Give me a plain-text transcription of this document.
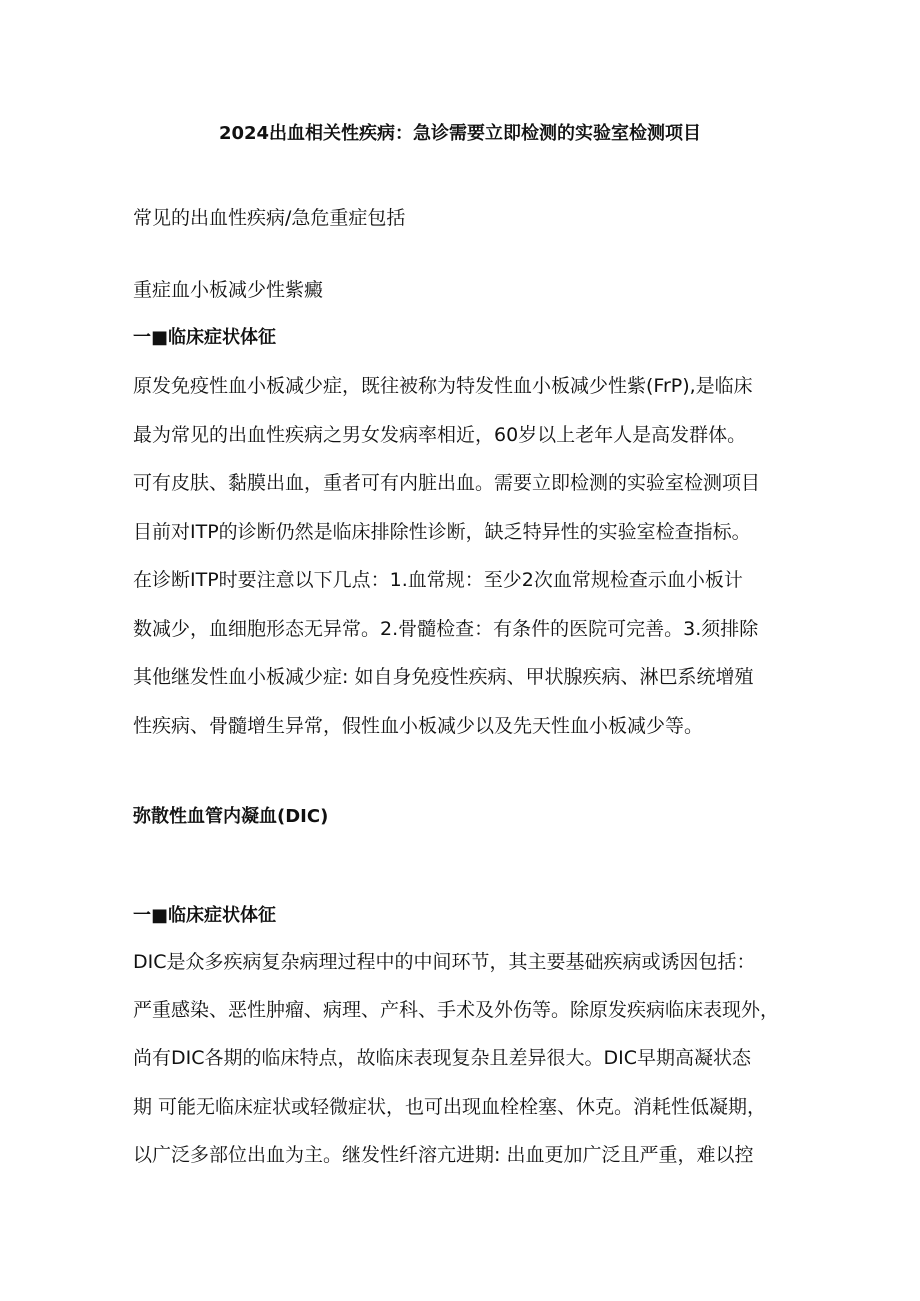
2024出血相关性疾病：急诊需要立即检测的实验室检测项目
常见的出血性疾病/急危重症包括
重症血小板减少性紫癜
一■临床症状体征
原发免疫性血小板减少症，既往被称为特发性血小板减少性紫(FrP),是临床
最为常见的出血性疾病之男女发病率相近，60岁以上老年人是高发群体。
可有皮肤、黏膜出血，重者可有内脏出血。需要立即检测的实验室检测项目
目前对ITP的诊断仍然是临床排除性诊断，缺乏特异性的实验室检查指标。
在诊断ITP时要注意以下几点：1.血常规：至少2次血常规检查示血小板计
数减少，血细胞形态无异常。2.骨髓检查：有条件的医院可完善。3.须排除
其他继发性血小板减少症: 如自身免疫性疾病、甲状腺疾病、淋巴系统增殖
性疾病、骨髓增生异常，假性血小板减少以及先天性血小板减少等。
弥散性血管内凝血(DIC)
一■临床症状体征
DIC是众多疾病复杂病理过程中的中间环节，其主要基础疾病或诱因包括：
严重感染、恶性肿瘤、病理、产科、手术及外伤等。除原发疾病临床表现外，
尚有DIC各期的临床特点，故临床表现复杂且差异很大。DIC早期高凝状态
期 可能无临床症状或轻微症状，也可出现血栓栓塞、休克。消耗性低凝期，
以广泛多部位出血为主。继发性纤溶亢进期: 出血更加广泛且严重，难以控
